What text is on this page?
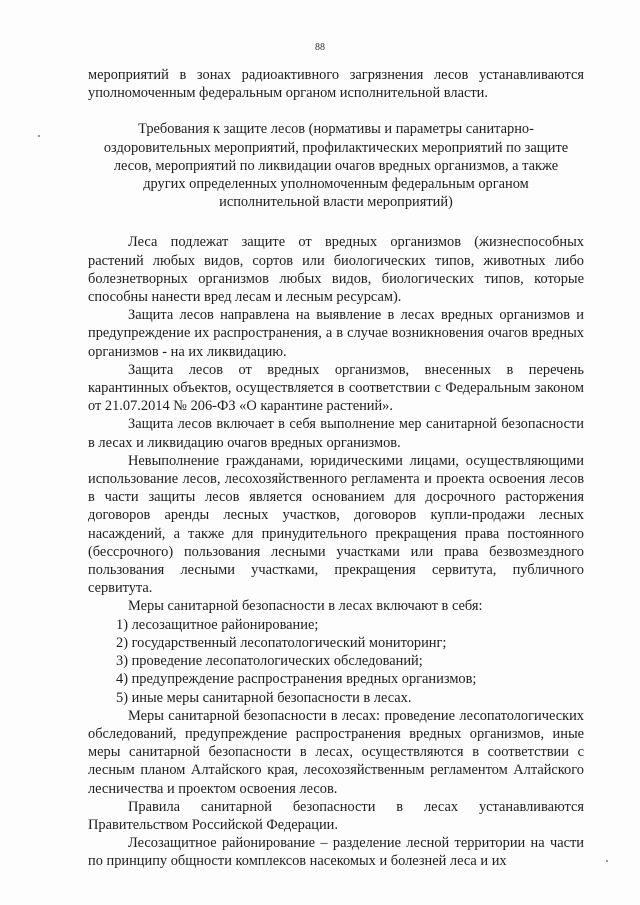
88

мероприятий в зонах радиоактивного загрязнения лесов устанавливаются уполномоченным федеральным органом исполнительной власти.

Требования к защите лесов (нормативы и параметры санитарно-
оздоровительных мероприятий, профилактических мероприятий по защите
лесов, мероприятий по ликвидации очагов вредных организмов, а также
других определенных уполномоченным федеральным органом
исполнительной власти мероприятий)

Леса подлежат защите от вредных организмов (жизнеспособных растений любых видов, сортов или биологических типов, животных либо болезнетворных организмов любых видов, биологических типов, которые способны нанести вред лесам и лесным ресурсам).

Защита лесов направлена на выявление в лесах вредных организмов и предупреждение их распространения, а в случае возникновения очагов вредных организмов - на их ликвидацию.

Защита лесов от вредных организмов, внесенных в перечень карантинных объектов, осуществляется в соответствии с Федеральным законом от 21.07.2014 № 206-ФЗ «О карантине растений».

Защита лесов включает в себя выполнение мер санитарной безопасности в лесах и ликвидацию очагов вредных организмов.

Невыполнение гражданами, юридическими лицами, осуществляющими использование лесов, лесохозяйственного регламента и проекта освоения лесов в части защиты лесов является основанием для досрочного расторжения договоров аренды лесных участков, договоров купли-продажи лесных насаждений, а также для принудительного прекращения права постоянного (бессрочного) пользования лесными участками или права безвозмездного пользования лесными участками, прекращения сервитута, публичного сервитута.

Меры санитарной безопасности в лесах включают в себя:

1) лесозащитное районирование;
2) государственный лесопатологический мониторинг;
3) проведение лесопатологических обследований;
4) предупреждение распространения вредных организмов;
5) иные меры санитарной безопасности в лесах.

Меры санитарной безопасности в лесах: проведение лесопатологических обследований, предупреждение распространения вредных организмов, иные меры санитарной безопасности в лесах, осуществляются в соответствии с лесным планом Алтайского края, лесохозяйственным регламентом Алтайского лесничества и проектом освоения лесов.

Правила санитарной безопасности в лесах устанавливаются Правительством Российской Федерации.

Лесозащитное районирование – разделение лесной территории на части по принципу общности комплексов насекомых и болезней леса и их
